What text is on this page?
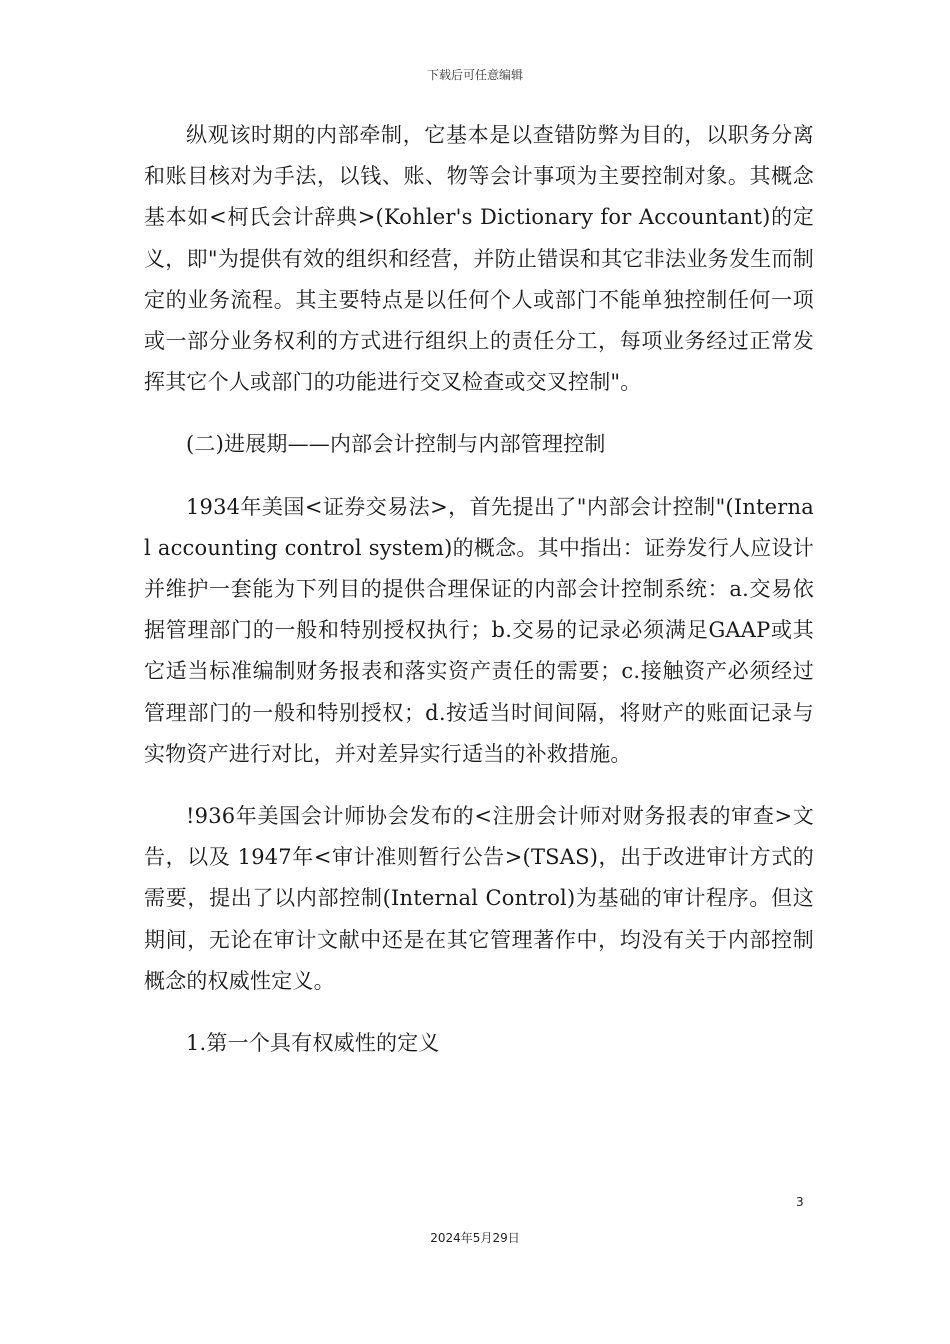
下载后可任意编辑

纵观该时期的内部牵制，它基本是以查错防弊为目的，以职务分离和账目核对为手法，以钱、账、物等会计事项为主要控制对象。其概念基本如<柯氏会计辞典>(Kohler's Dictionary for Accountant)的定义，即"为提供有效的组织和经营，并防止错误和其它非法业务发生而制定的业务流程。其主要特点是以任何个人或部门不能单独控制任何一项或一部分业务权利的方式进行组织上的责任分工，每项业务经过正常发挥其它个人或部门的功能进行交叉检查或交叉控制"。

(二)进展期——内部会计控制与内部管理控制

1934年美国<证券交易法>，首先提出了"内部会计控制"(Internal accounting control system)的概念。其中指出：证券发行人应设计并维护一套能为下列目的提供合理保证的内部会计控制系统：a.交易依据管理部门的一般和特别授权执行；b.交易的记录必须满足GAAP或其它适当标准编制财务报表和落实资产责任的需要；c.接触资产必须经过管理部门的一般和特别授权；d.按适当时间间隔，将财产的账面记录与实物资产进行对比，并对差异实行适当的补救措施。

!936年美国会计师协会发布的<注册会计师对财务报表的审查>文告，以及 1947年<审计准则暂行公告>(TSAS)，出于改进审计方式的需要，提出了以内部控制(Internal Control)为基础的审计程序。但这期间，无论在审计文献中还是在其它管理著作中，均没有关于内部控制概念的权威性定义。

1.第一个具有权威性的定义

3
2024年5月29日
